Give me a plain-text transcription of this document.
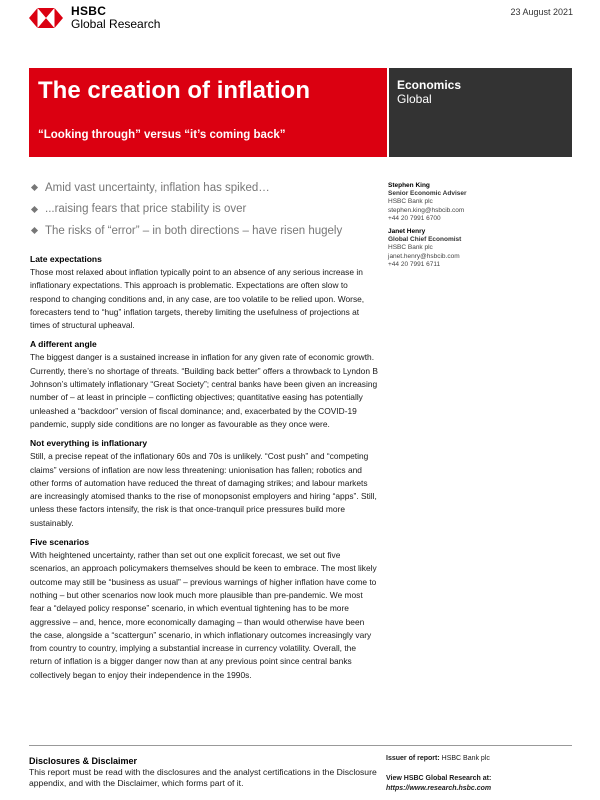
HSBC
Global Research
23 August 2021
The creation of inflation
“Looking through” versus “it’s coming back”
Economics
Global
Amid vast uncertainty, inflation has spiked…
...raising fears that price stability is over
The risks of “error” – in both directions – have risen hugely
Late expectations
Those most relaxed about inflation typically point to an absence of any serious increase in inflationary expectations. This approach is problematic. Expectations are often slow to respond to changing conditions and, in any case, are too volatile to be relied upon. Worse, forecasters tend to “hug” inflation targets, thereby limiting the usefulness of projections at times of structural upheaval.
A different angle
The biggest danger is a sustained increase in inflation for any given rate of economic growth. Currently, there’s no shortage of threats. “Building back better” offers a throwback to Lyndon B Johnson’s ultimately inflationary “Great Society”; central banks have been given an increasing number of – at least in principle – conflicting objectives; quantitative easing has potentially unleashed a “backdoor” version of fiscal dominance; and, exacerbated by the COVID-19 pandemic, supply side conditions are no longer as favourable as they once were.
Not everything is inflationary
Still, a precise repeat of the inflationary 60s and 70s is unlikely. “Cost push” and “competing claims” versions of inflation are now less threatening: unionisation has fallen; robotics and other forms of automation have reduced the threat of damaging strikes; and labour markets are increasingly atomised thanks to the rise of monopsonist employers and hiring “apps”. Still, unless these factors intensify, the risk is that once-tranquil price pressures build more sustainably.
Five scenarios
With heightened uncertainty, rather than set out one explicit forecast, we set out five scenarios, an approach policymakers themselves should be keen to embrace. The most likely outcome may still be “business as usual” – previous warnings of higher inflation have come to nothing – but other scenarios now look much more plausible than pre-pandemic. We most fear a “delayed policy response” scenario, in which eventual tightening has to be more aggressive – and, hence, more economically damaging – than would otherwise have been the case, alongside a “scattergun” scenario, in which inflationary outcomes increasingly vary from country to country, implying a substantial increase in currency volatility. Overall, the return of inflation is a bigger danger now than at any previous point since central banks collectively began to enjoy their independence in the 1990s.
Stephen King
Senior Economic Adviser
HSBC Bank plc
stephen.king@hsbcib.com
+44 20 7991 6700
Janet Henry
Global Chief Economist
HSBC Bank plc
janet.henry@hsbcib.com
+44 20 7991 6711
Disclosures & Disclaimer
This report must be read with the disclosures and the analyst certifications in the Disclosure appendix, and with the Disclaimer, which forms part of it.
Issuer of report: HSBC Bank plc
View HSBC Global Research at:
https://www.research.hsbc.com
